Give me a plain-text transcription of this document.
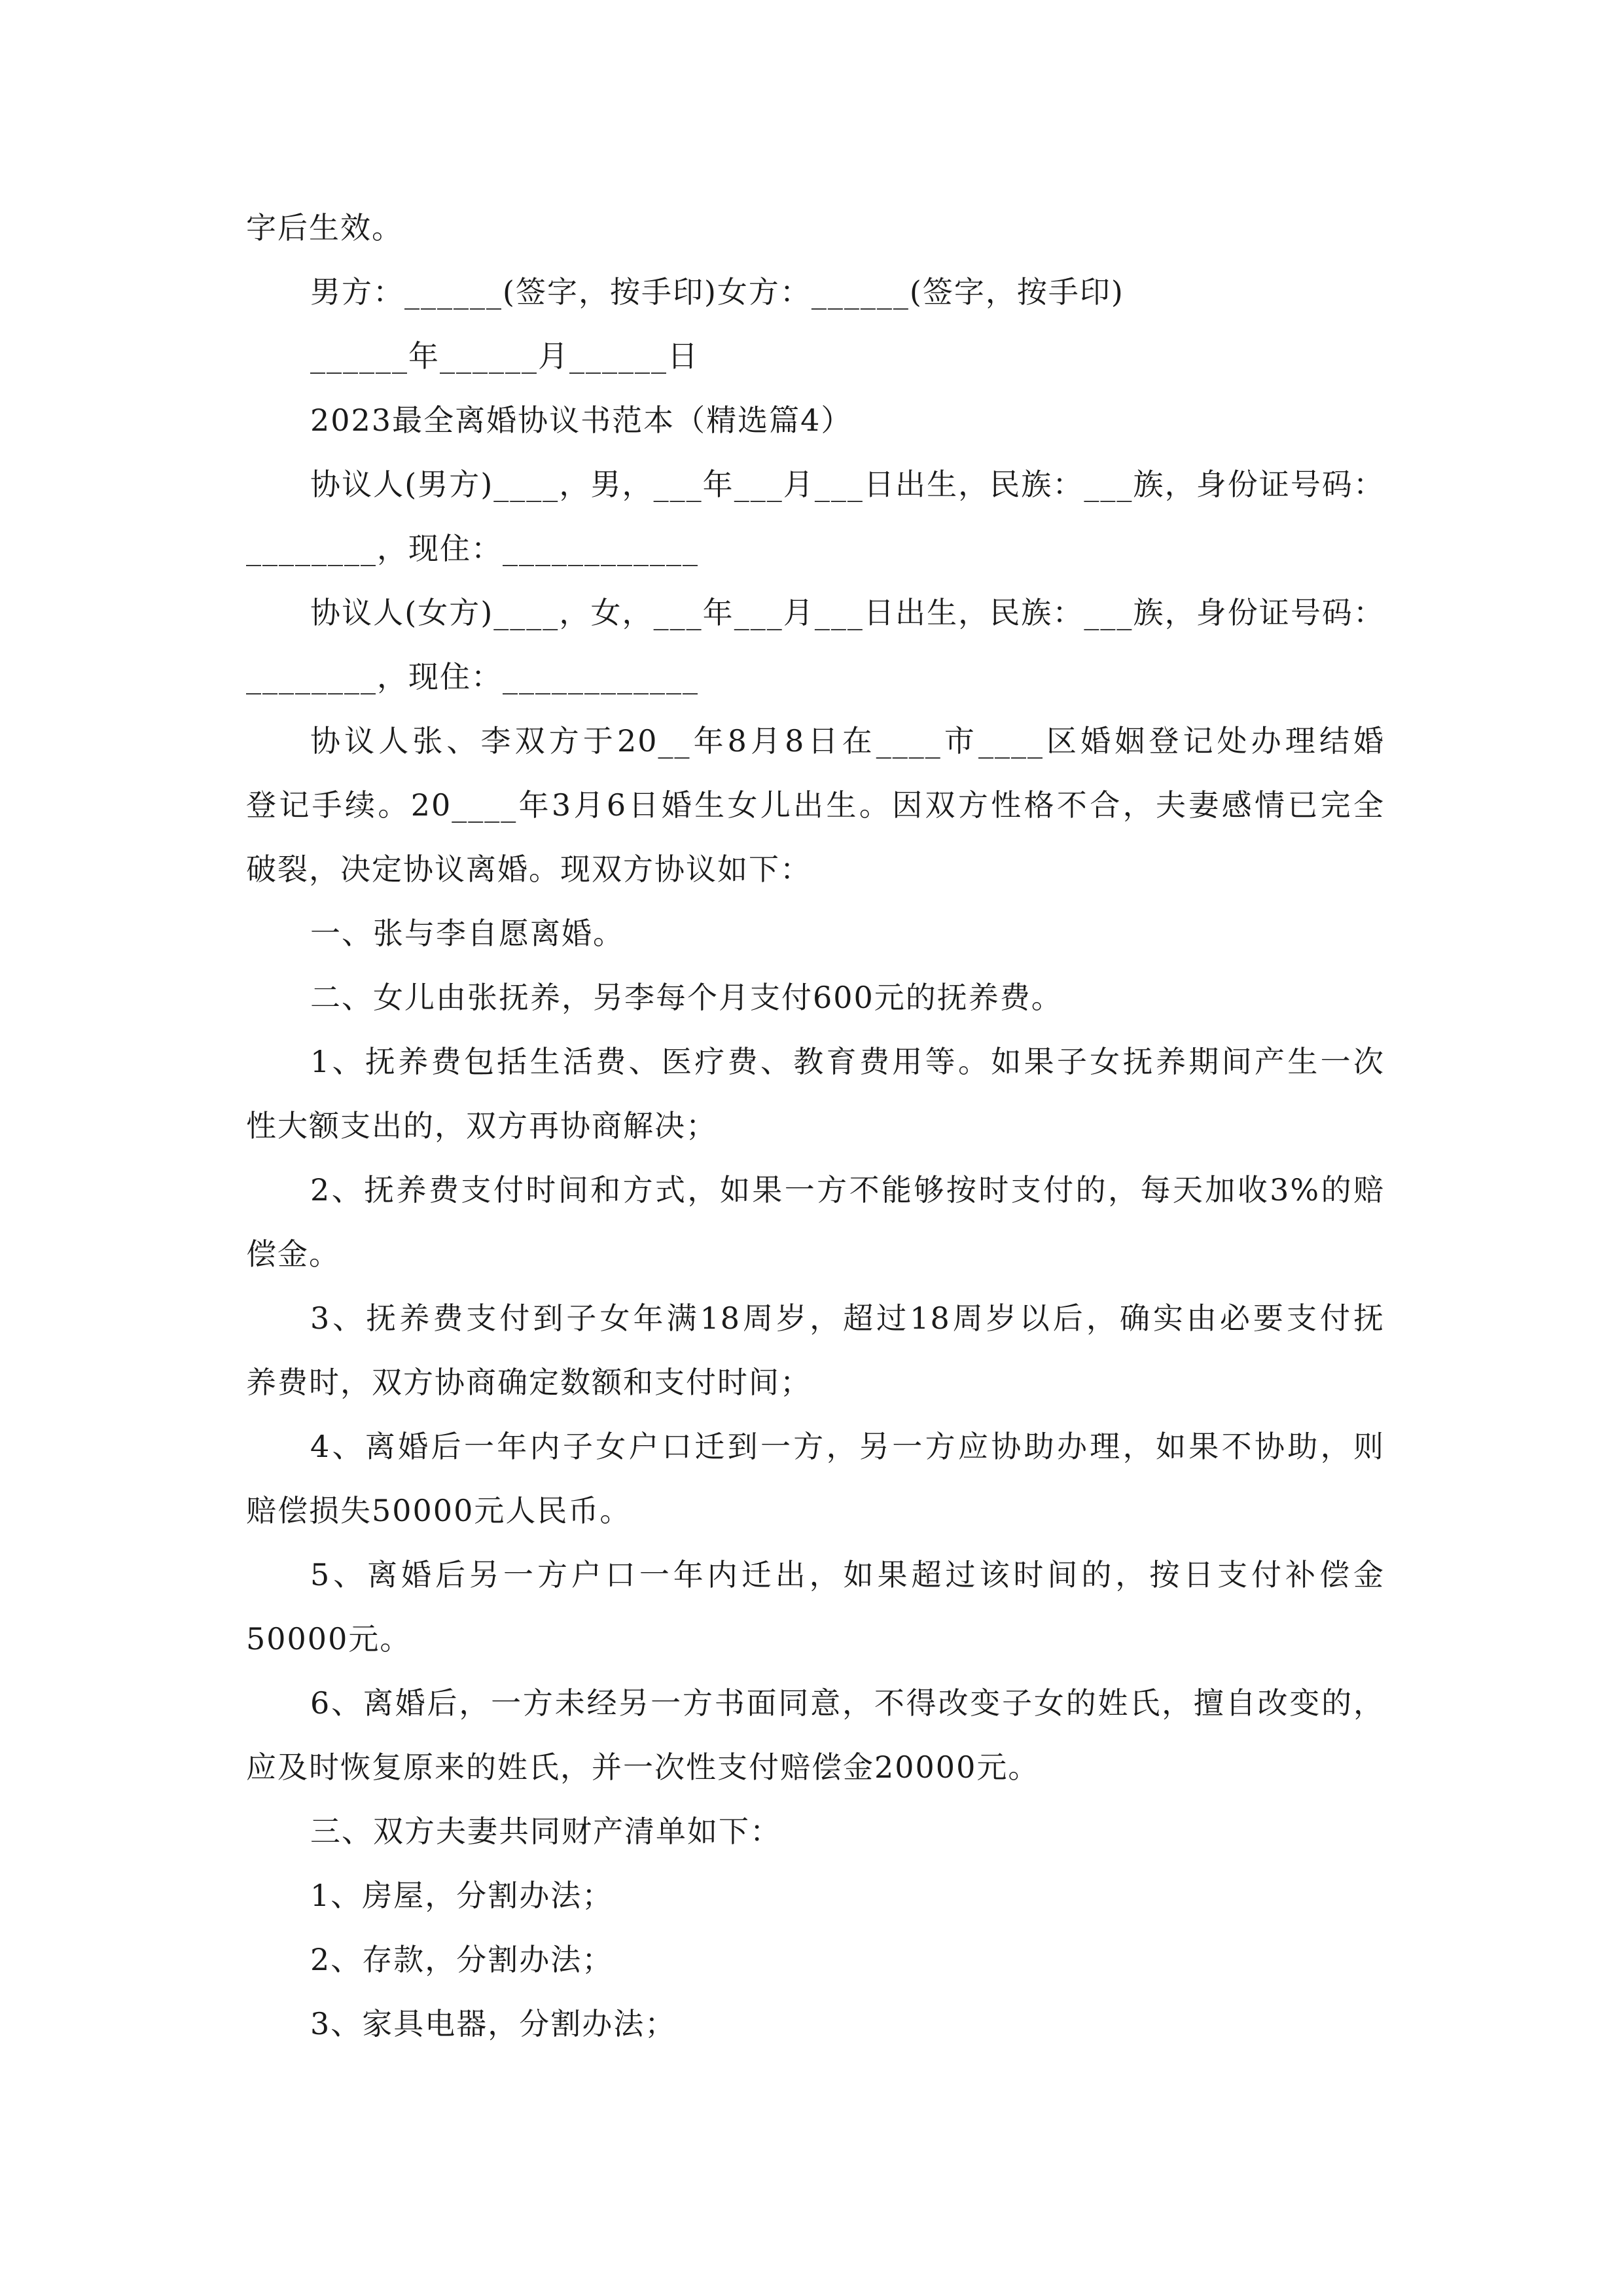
字后生效。
男方：______(签字，按手印)女方：______(签字，按手印)
______年______月______日
2023最全离婚协议书范本（精选篇4）
协议人(男方)____，男，___年___月___日出生，民族：___族，身份证号码：
________，现住：____________
协议人(女方)____，女，___年___月___日出生，民族：___族，身份证号码：
________，现住：____________
协议人张、李双方于20__年8月8日在____市____区婚姻登记处办理结婚
登记手续。20____年3月6日婚生女儿出生。因双方性格不合，夫妻感情已完全
破裂，决定协议离婚。现双方协议如下：
一、张与李自愿离婚。
二、女儿由张抚养，另李每个月支付600元的抚养费。
1、抚养费包括生活费、医疗费、教育费用等。如果子女抚养期间产生一次
性大额支出的，双方再协商解决；
2、抚养费支付时间和方式，如果一方不能够按时支付的，每天加收3%的赔
偿金。
3、抚养费支付到子女年满18周岁，超过18周岁以后，确实由必要支付抚
养费时，双方协商确定数额和支付时间；
4、离婚后一年内子女户口迁到一方，另一方应协助办理，如果不协助，则
赔偿损失50000元人民币。
5、离婚后另一方户口一年内迁出，如果超过该时间的，按日支付补偿金
50000元。
6、离婚后，一方未经另一方书面同意，不得改变子女的姓氏，擅自改变的，
应及时恢复原来的姓氏，并一次性支付赔偿金20000元。
三、双方夫妻共同财产清单如下：
1、房屋，分割办法；
2、存款，分割办法；
3、家具电器，分割办法；
